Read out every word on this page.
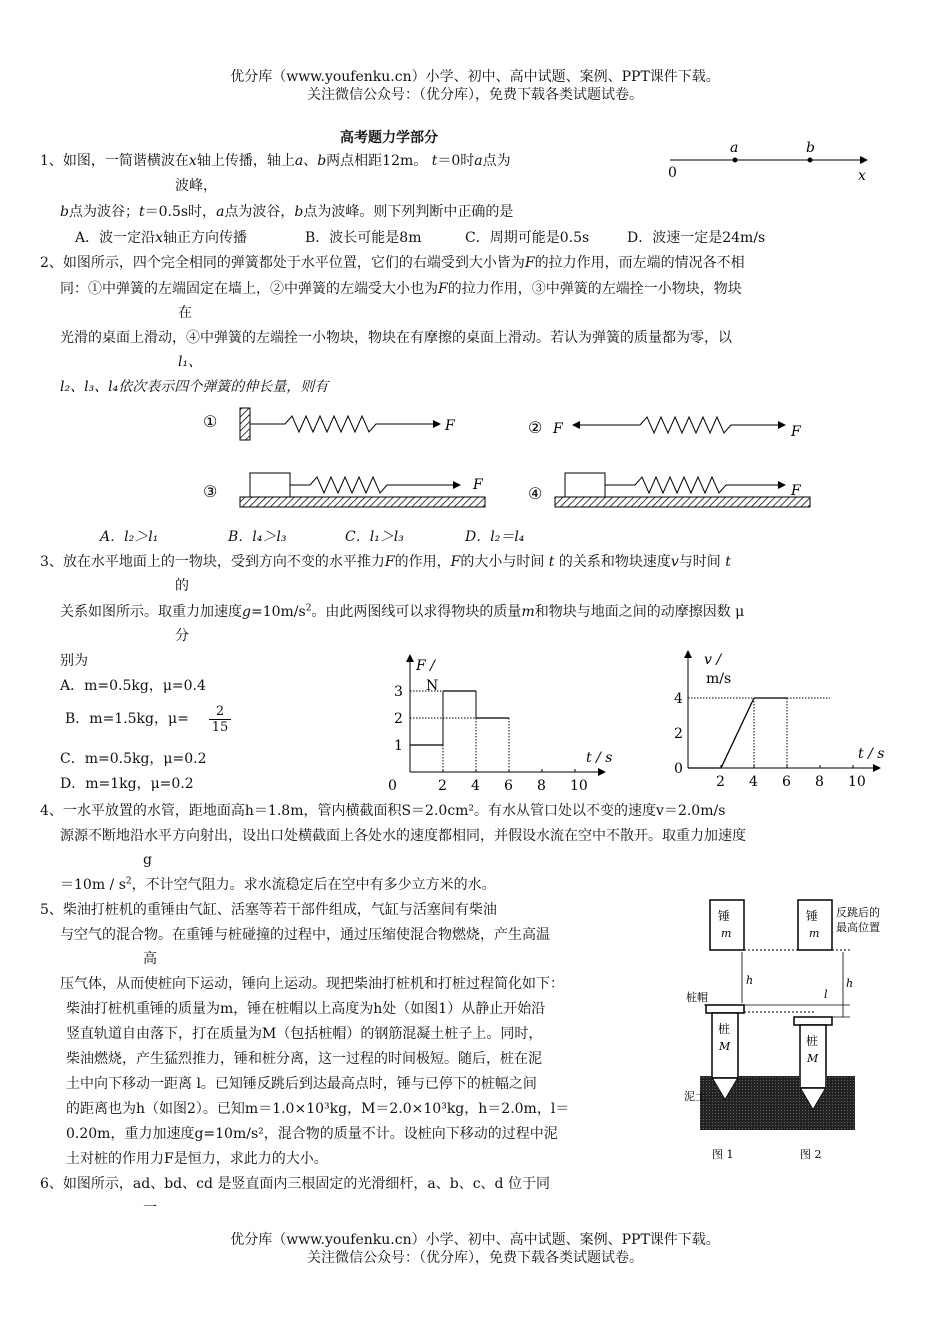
优分库（www.youfenku.cn）小学、初中、高中试题、案例、PPT课件下载。
关注微信公众号：（优分库），免费下载各类试题试卷。
高考题力学部分
1、如图，一简谐横波在x轴上传播，轴上a、b两点相距12m。 t＝0时a点为
波峰，
b点为波谷；t＝0.5s时，a点为波谷，b点为波峰。则下列判断中正确的是
A．波一定沿x轴正方向传播	B．波长可能是8m	C．周期可能是0.5s	D．波速一定是24m/s
a	b
0	x
2、如图所示，四个完全相同的弹簧都处于水平位置，它们的右端受到大小皆为F的拉力作用，而左端的情况各不相
同：①中弹簧的左端固定在墙上，②中弹簧的左端受大小也为F的拉力作用，③中弹簧的左端拴一小物块，物块
在
光滑的桌面上滑动，④中弹簧的左端拴一小物块，物块在有摩擦的桌面上滑动。若认为弹簧的质量都为零，以
l₁、
l₂、l₃、l₄依次表示四个弹簧的伸长量，则有
①	F	② F	F
③	F	④	F
A．l₂＞l₁	B．l₄＞l₃	C．l₁＞l₃	D．l₂＝l₄
3、放在水平地面上的一物块，受到方向不变的水平推力F的作用，F的大小与时间 t 的关系和物块速度v与时间 t
的
关系如图所示。取重力加速度$g=10m/s^2$。由此两图线可以求得物块的质量m和物块与地面之间的动摩擦因数 μ
分
别为
A．m=0.5kg，μ=0.4
B．m=1.5kg，$\mu= \frac{2}{15}$
C．m=0.5kg，μ=0.2
D．m=1kg，μ=0.2
F /
N
t / s
0	2 4 6 8 10
1
2
3
v /
m/s
t / s
2 4 6 8 10
0
2
4
4、一水平放置的水管，距地面高h＝1.8m，管内横截面积S＝2.0cm²。有水从管口处以不变的速度v＝2.0m/s
源源不断地沿水平方向射出，设出口处横截面上各处水的速度都相同，并假设水流在空中不散开。取重力加速度
g
$=10m / s^2$，不计空气阻力。求水流稳定后在空中有多少立方米的水。
5、柴油打桩机的重锤由气缸、活塞等若干部件组成，气缸与活塞间有柴油
与空气的混合物。在重锤与桩碰撞的过程中，通过压缩使混合物燃烧，产生高温
高
压气体，从而使桩向下运动，锤向上运动。现把柴油打桩机和打桩过程简化如下：
柴油打桩机重锤的质量为m，锤在桩帽以上高度为h处（如图1）从静止开始沿
竖直轨道自由落下，打在质量为M（包括桩帽）的钢筋混凝土桩子上。同时，
柴油燃烧，产生猛烈推力，锤和桩分离，这一过程的时间极短。随后，桩在泥
土中向下移动一距离 l。已知锤反跳后到达最高点时，锤与已停下的桩幅之间
的距离也为h（如图2）。已知m＝1.0×10³kg，M＝2.0×10³kg，h＝2.0m，l＝
0.20m，重力加速度g=10m/s²，混合物的质量不计。设桩向下移动的过程中泥
土对桩的作用力F是恒力，求此力的大小。
锤
m
锤
m
反跳后的
最高位置
h	h
l
桩帽
桩
M	桩
M
泥土
图 1	图 2
6、如图所示，ad、bd、cd 是竖直面内三根固定的光滑细杆，a、b、c、d 位于同
一
优分库（www.youfenku.cn）小学、初中、高中试题、案例、PPT课件下载。
关注微信公众号：（优分库），免费下载各类试题试卷。
